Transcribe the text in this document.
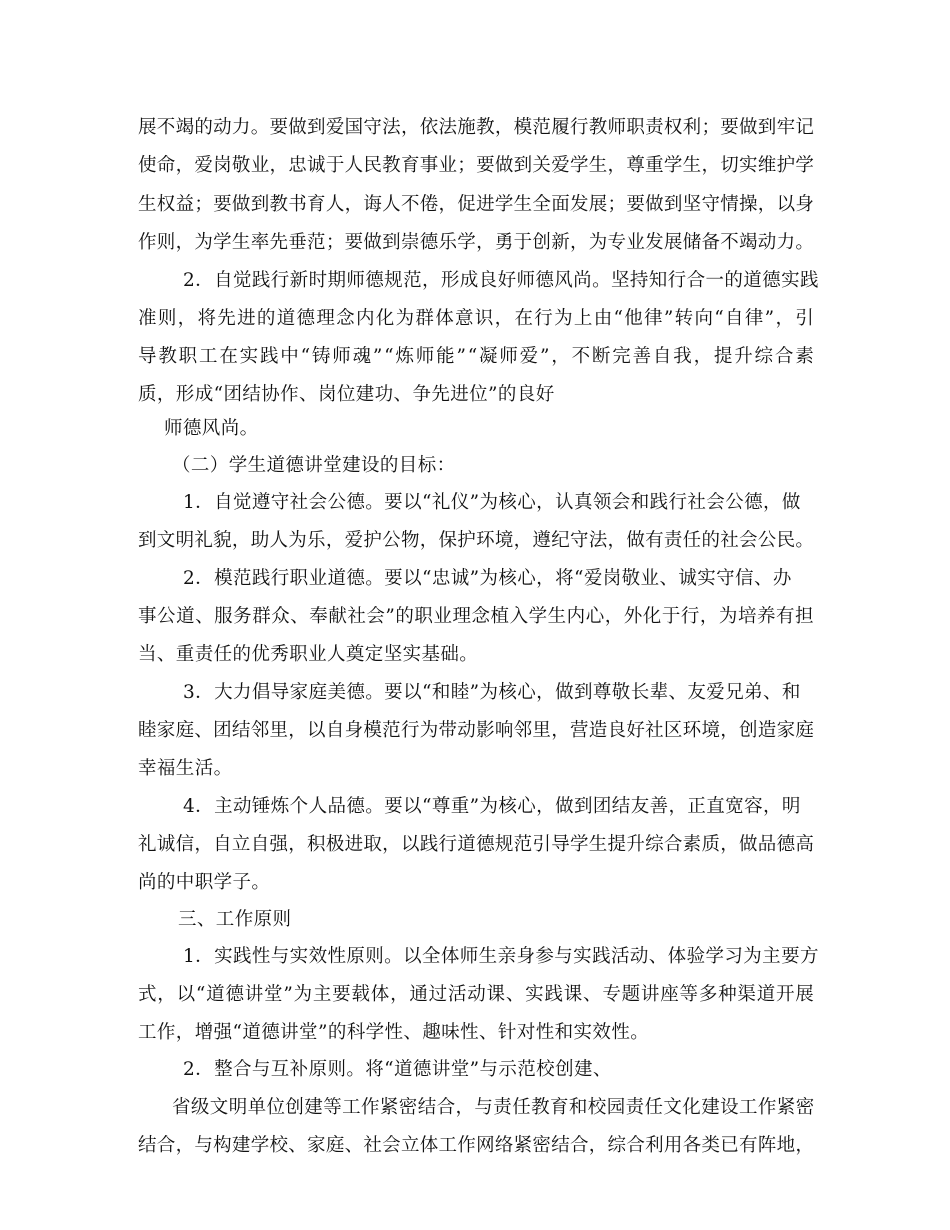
展 不 竭 的 动 力 。 要 做 到 爱 国 守 法 ， 依 法 施 教 ， 模 范 履 行 教 师 职 责 权 利 ； 要 做 到 牢 记
使 命 ， 爱 岗 敬 业 ， 忠 诚 于 人 民 教 育 事 业 ； 要 做 到 关 爱 学 生 ， 尊 重 学 生 ， 切 实 维 护 学
生 权 益 ； 要 做 到 教 书 育 人 ， 诲 人 不 倦 ， 促 进 学 生 全 面 发 展 ； 要 做 到 坚 守 情 操 ， 以 身
作 则 ， 为 学 生 率 先 垂 范 ； 要 做 到 崇 德 乐 学 ， 勇 于 创 新 ， 为 专 业 发 展 储 备 不 竭 动 力 。
2．自觉践行新时期师德规范，形成良好师德风尚。坚持知行合一的道德实践
准 则 ， 将 先 进 的 道 德 理 念 内 化 为 群 体 意 识 ， 在 行 为 上 由 “ 他 律 ” 转 向 “ 自 律 ” ， 引
导 教 职 工 在 实 践 中 “ 铸 师 魂 ” “ 炼 师 能 ” “ 凝 师 爱 ” ， 不 断 完 善 自 我 ， 提 升 综 合 素
质，形成“团结协作、岗位建功、争先进位”的良好
师德风尚。
（二）学生道德讲堂建设的目标：
1．自觉遵守社会公德。要以“礼仪”为核心，认真领会和践行社会公德，做
到 文 明 礼 貌 ， 助 人 为 乐 ， 爱 护 公 物 ， 保 护 环 境 ， 遵 纪 守 法 ， 做 有 责 任 的 社 会 公 民 。
2．模范践行职业道德。要以“忠诚”为核心，将“爱岗敬业、诚实守信、办
事 公 道 、 服 务 群 众 、 奉 献 社 会 ” 的 职 业 理 念 植 入 学 生 内 心 ， 外 化 于 行 ， 为 培 养 有 担
当、重责任的优秀职业人奠定坚实基础。
3．大力倡导家庭美德。要以“和睦”为核心，做到尊敬长辈、友爱兄弟、和
睦 家 庭 、 团 结 邻 里 ， 以 自 身 模 范 行 为 带 动 影 响 邻 里 ， 营 造 良 好 社 区 环 境 ， 创 造 家 庭
幸福生活。
4．主动锤炼个人品德。要以“尊重”为核心，做到团结友善，正直宽容，明
礼 诚 信 ， 自 立 自 强 ， 积 极 进 取 ， 以 践 行 道 德 规 范 引 导 学 生 提 升 综 合 素 质 ， 做 品 德 高
尚的中职学子。
三、工作原则
1．实践性与实效性原则。以全体师生亲身参与实践活动、体验学习为主要方
式 ， 以 “ 道 德 讲 堂 ” 为 主 要 载 体 ， 通 过 活 动 课 、 实 践 课 、 专 题 讲 座 等 多 种 渠 道 开 展
工作，增强“道德讲堂”的科学性、趣味性、针对性和实效性。
2．整合与互补原则。将“道德讲堂”与示范校创建、
省级文明单位创建等工作紧密结合，与责任教育和校园责任文化建设工作紧密
结 合 ， 与 构 建 学 校 、 家 庭 、 社 会 立 体 工 作 网 络 紧 密 结 合 ， 综 合 利 用 各 类 已 有 阵 地 ，
